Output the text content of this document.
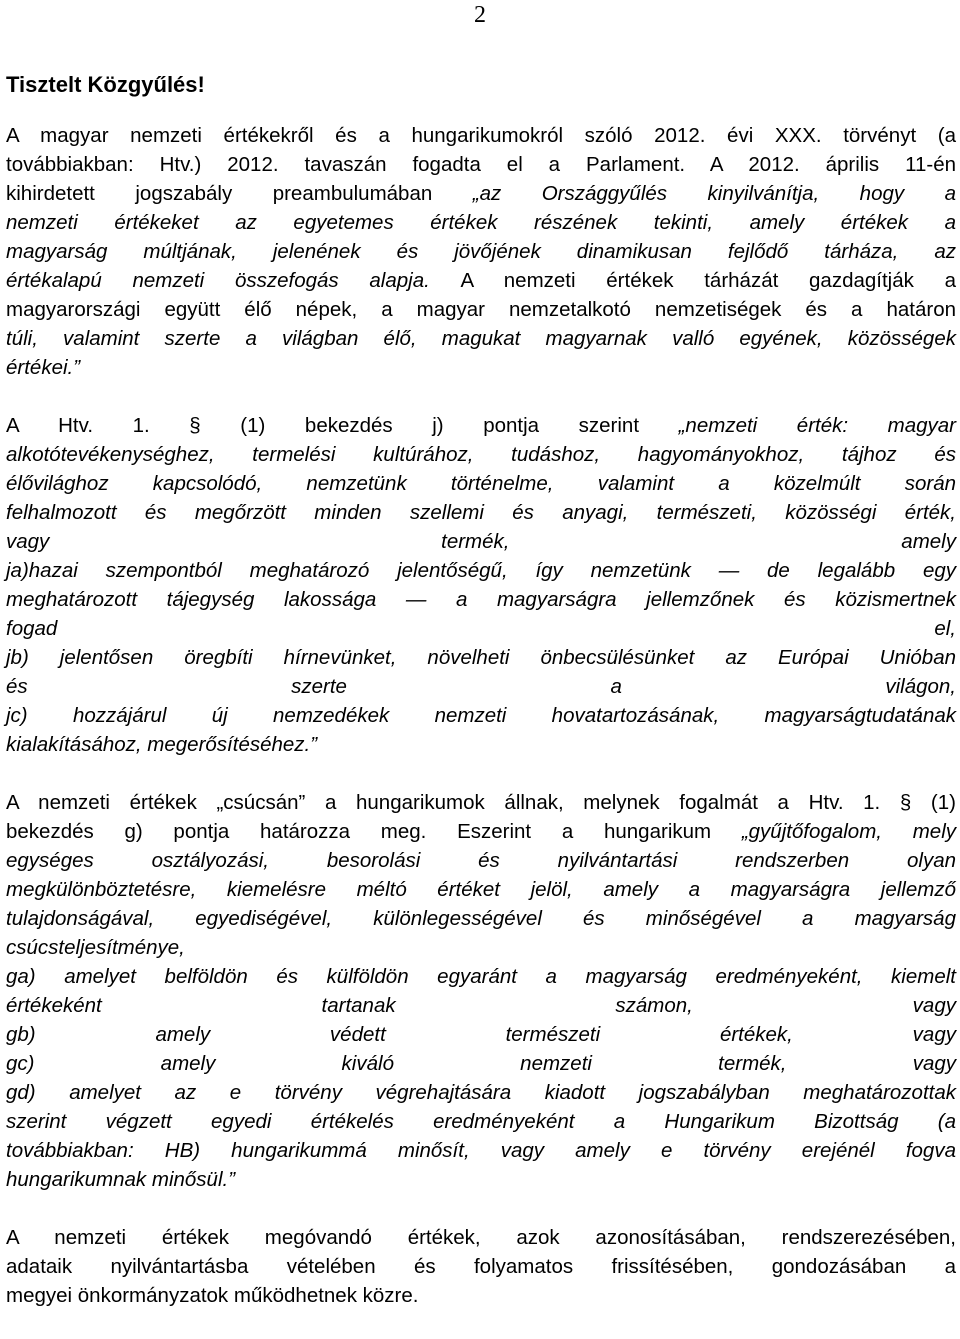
2
Tisztelt Közgyűlés!

A magyar nemzeti értékekről és a hungarikumokról szóló 2012. évi XXX. törvényt (a
továbbiakban: Htv.) 2012. tavaszán fogadta el a Parlament. A 2012. április 11-én
kihirdetett jogszabály preambulumában „az Országgyűlés kinyilvánítja, hogy a
nemzeti értékeket az egyetemes értékek részének tekinti, amely értékek a
magyarság múltjának, jelenének és jövőjének dinamikusan fejlődő tárháza, az
értékalapú nemzeti összefogás alapja. A nemzeti értékek tárházát gazdagítják a
magyarországi együtt élő népek, a magyar nemzetalkotó nemzetiségek és a határon
túli, valamint szerte a világban élő, magukat magyarnak valló egyének, közösségek
értékei.”

A Htv. 1. § (1) bekezdés j) pontja szerint „nemzeti érték: magyar
alkotótevékenységhez, termelési kultúrához, tudáshoz, hagyományokhoz, tájhoz és
élővilághoz kapcsolódó, nemzetünk történelme, valamint a közelmúlt során
felhalmozott és megőrzött minden szellemi és anyagi, természeti, közösségi érték,
vagy termék, amely
ja)hazai szempontból meghatározó jelentőségű, így nemzetünk — de legalább egy
meghatározott tájegység lakossága — a magyarságra jellemzőnek és közismertnek
fogad el,
jb) jelentősen öregbíti hírnevünket, növelheti önbecsülésünket az Európai Unióban
és szerte a világon,
jc) hozzájárul új nemzedékek nemzeti hovatartozásának, magyarságtudatának
kialakításához, megerősítéséhez.”

A nemzeti értékek „csúcsán” a hungarikumok állnak, melynek fogalmát a Htv. 1. § (1)
bekezdés g) pontja határozza meg. Eszerint a hungarikum „gyűjtőfogalom, mely
egységes osztályozási, besorolási és nyilvántartási rendszerben olyan
megkülönböztetésre, kiemelésre méltó értéket jelöl, amely a magyarságra jellemző
tulajdonságával, egyediségével, különlegességével és minőségével a magyarság
csúcsteljesítménye,
ga) amelyet belföldön és külföldön egyaránt a magyarság eredményeként, kiemelt
értékeként tartanak számon, vagy
gb) amely védett természeti értékek, vagy
gc) amely kiváló nemzeti termék, vagy
gd) amelyet az e törvény végrehajtására kiadott jogszabályban meghatározottak
szerint végzett egyedi értékelés eredményeként a Hungarikum Bizottság (a
továbbiakban: HB) hungarikummá minősít, vagy amely e törvény erejénél fogva
hungarikumnak minősül.”

A nemzeti értékek megóvandó értékek, azok azonosításában, rendszerezésében,
adataik nyilvántartásba vételében és folyamatos frissítésében, gondozásában a
megyei önkormányzatok működhetnek közre.
